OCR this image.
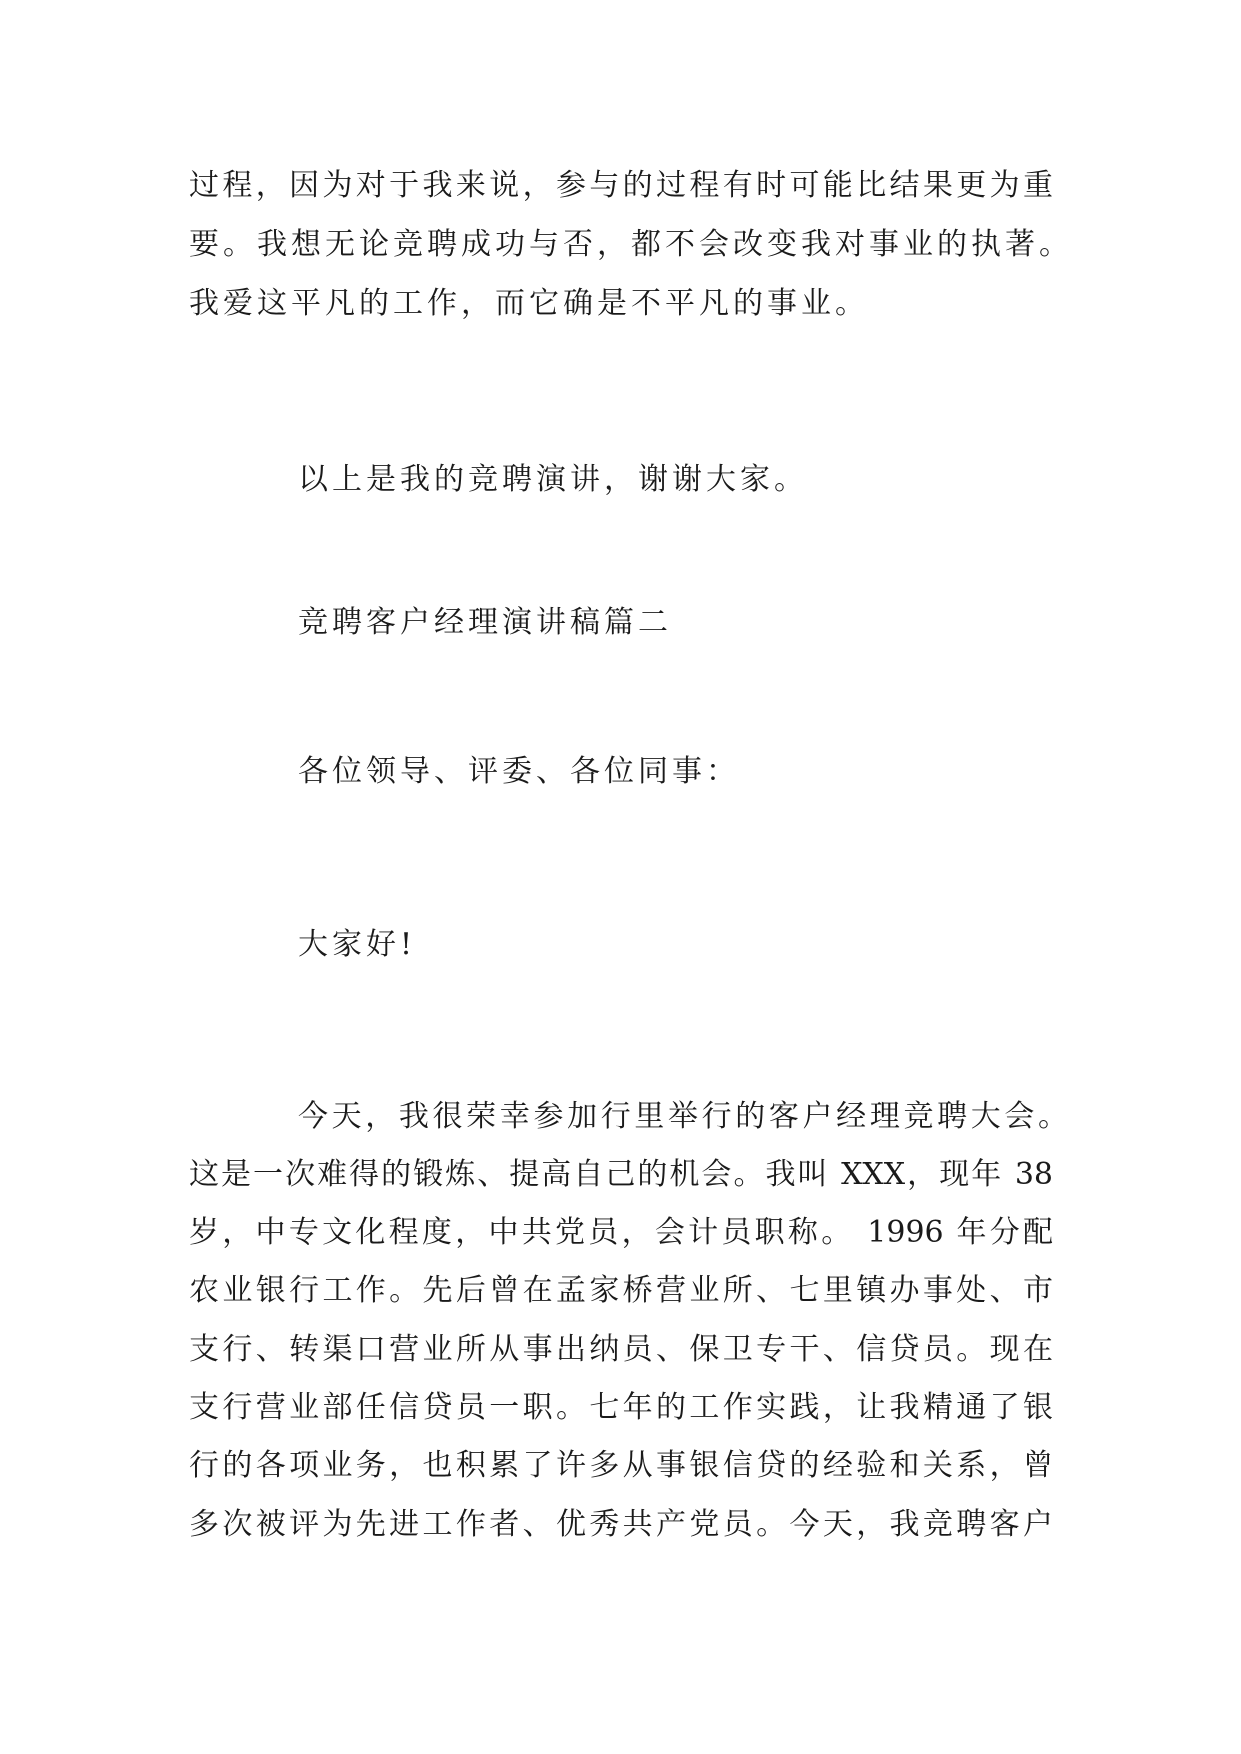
过程，因为对于我来说，参与的过程有时可能比结果更为重
要。我想无论竞聘成功与否，都不会改变我对事业的执著。
我爱这平凡的工作，而它确是不平凡的事业。
以上是我的竞聘演讲，谢谢大家。
竞聘客户经理演讲稿篇二
各位领导、评委、各位同事：
大家好!
今天，我很荣幸参加行里举行的客户经理竞聘大会。
这是一次难得的锻炼、提高自己的机会。我叫 XXX，现年 38
岁，中专文化程度，中共党员，会计员职称。 1996 年分配
农业银行工作。先后曾在孟家桥营业所、七里镇办事处、市
支行、转渠口营业所从事出纳员、保卫专干、信贷员。现在
支行营业部任信贷员一职。七年的工作实践，让我精通了银
行的各项业务，也积累了许多从事银信贷的经验和关系，曾
多次被评为先进工作者、优秀共产党员。今天，我竞聘客户
